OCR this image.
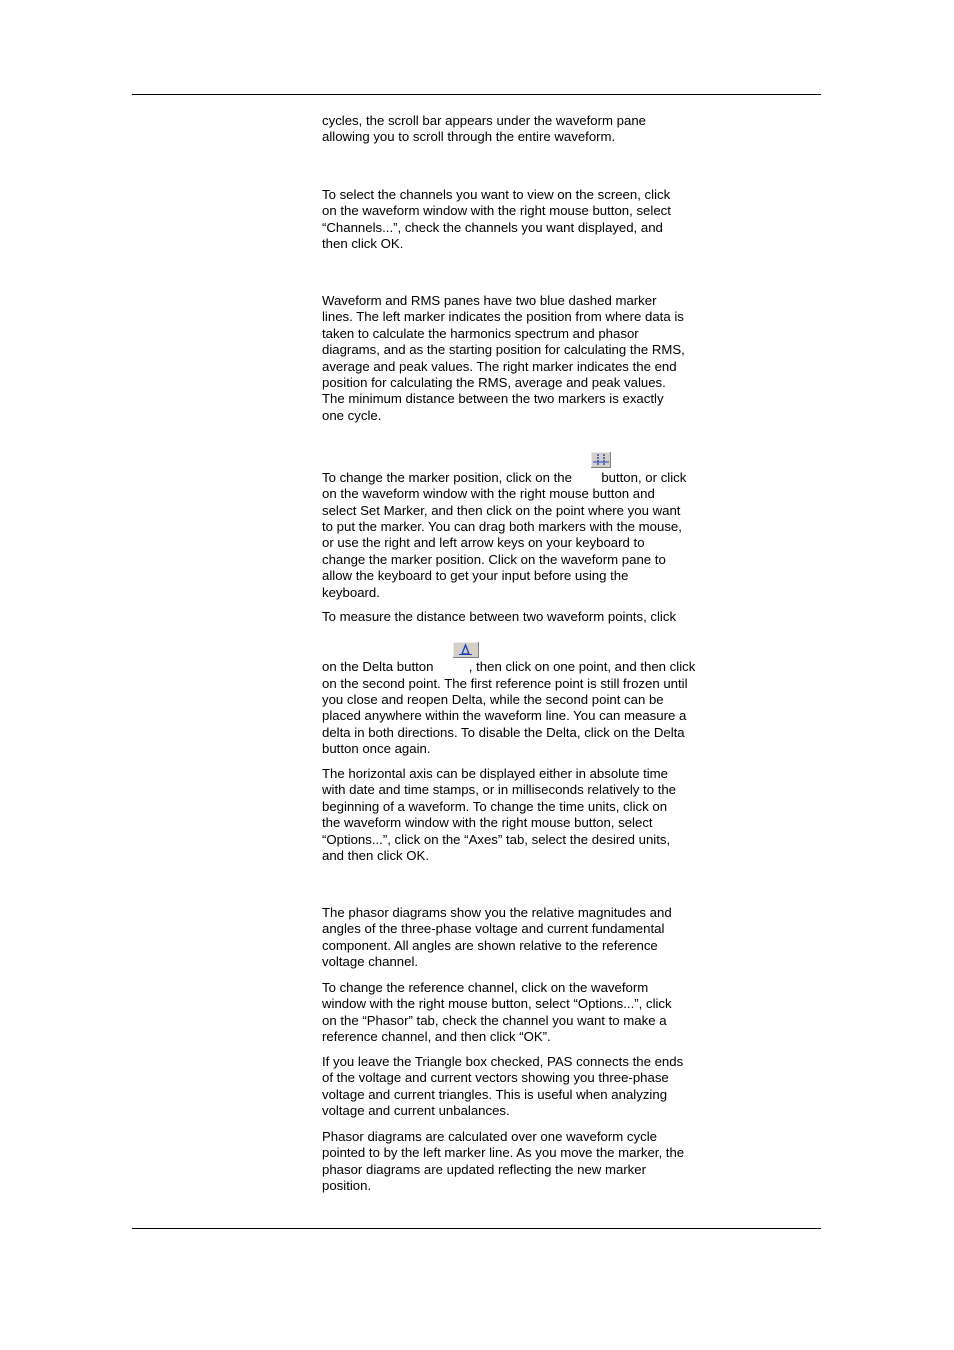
cycles, the scroll bar appears under the waveform pane
allowing you to scroll through the entire waveform.

To select the channels you want to view on the screen, click
on the waveform window with the right mouse button, select
“Channels...”, check the channels you want displayed, and
then click OK.

Waveform and RMS panes have two blue dashed marker
lines. The left marker indicates the position from where data is
taken to calculate the harmonics spectrum and phasor
diagrams, and as the starting position for calculating the RMS,
average and peak values. The right marker indicates the end
position for calculating the RMS, average and peak values.
The minimum distance between the two markers is exactly
one cycle.

To change the marker position, click on the
button, or click
on the waveform window with the right mouse button and
select Set Marker, and then click on the point where you want
to put the marker. You can drag both markers with the mouse,
or use the right and left arrow keys on your keyboard to
change the marker position. Click on the waveform pane to
allow the keyboard to get your input before using the
keyboard.

To measure the distance between two waveform points, click
on the Delta button
	, then click on one point, and then click
on the second point. The first reference point is still frozen until
you close and reopen Delta, while the second point can be
placed anywhere within the waveform line. You can measure a
delta in both directions. To disable the Delta, click on the Delta
button once again.

The horizontal axis can be displayed either in absolute time
with date and time stamps, or in milliseconds relatively to the
beginning of a waveform. To change the time units, click on
the waveform window with the right mouse button, select
“Options...”, click on the “Axes” tab, select the desired units,
and then click OK.

The phasor diagrams show you the relative magnitudes and
angles of the three-phase voltage and current fundamental
component. All angles are shown relative to the reference
voltage channel.

To change the reference channel, click on the waveform
window with the right mouse button, select “Options...”, click
on the “Phasor” tab, check the channel you want to make a
reference channel, and then click “OK”.

If you leave the Triangle box checked, PAS connects the ends
of the voltage and current vectors showing you three-phase
voltage and current triangles. This is useful when analyzing
voltage and current unbalances.

Phasor diagrams are calculated over one waveform cycle
pointed to by the left marker line. As you move the marker, the
phasor diagrams are updated reflecting the new marker
position.
